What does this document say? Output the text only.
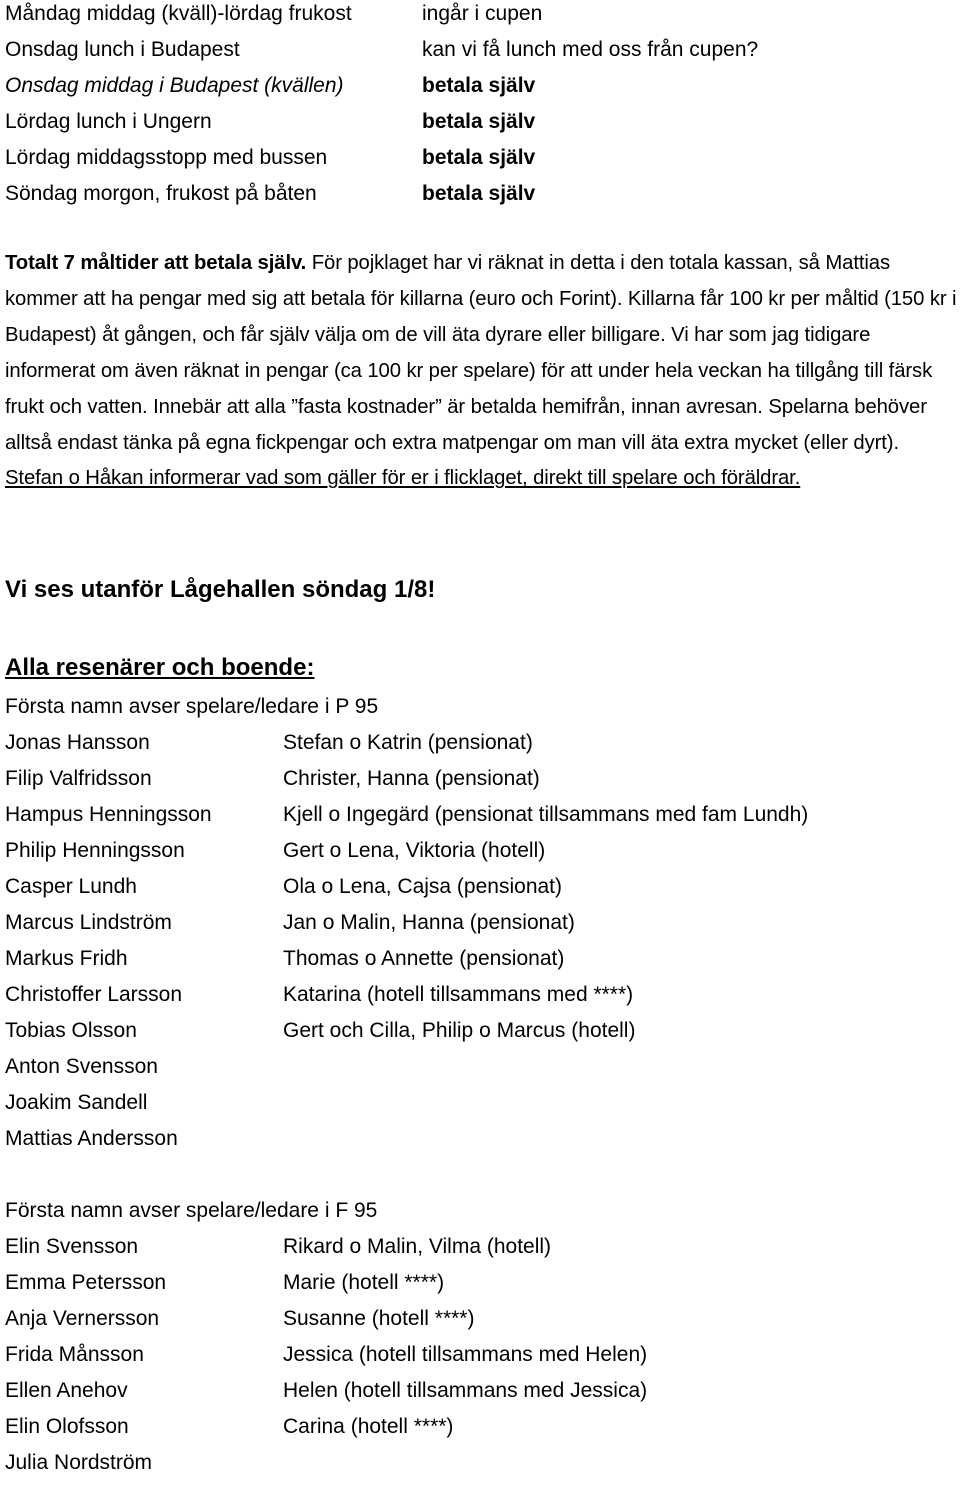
Måndag middag (kväll)-lördag frukost	ingår i cupen
Onsdag lunch i Budapest	kan vi få lunch med oss från cupen?
Onsdag middag i Budapest (kvällen)	betala själv
Lördag lunch i Ungern	betala själv
Lördag middagsstopp med bussen	betala själv
Söndag morgon, frukost på båten	betala själv
Totalt 7 måltider att betala själv. För pojklaget har vi räknat in detta i den totala kassan, så Mattias kommer att ha pengar med sig att betala för killarna (euro och Forint). Killarna får 100 kr per måltid (150 kr i Budapest) åt gången, och får själv välja om de vill äta dyrare eller billigare. Vi har som jag tidigare informerat om även räknat in pengar (ca 100 kr per spelare) för att under hela veckan ha tillgång till färsk frukt och vatten. Innebär att alla ”fasta kostnader” är betalda hemifrån, innan avresan. Spelarna behöver alltså endast tänka på egna fickpengar och extra matpengar om man vill äta extra mycket (eller dyrt). Stefan o Håkan informerar vad som gäller för er i flicklaget, direkt till spelare och föräldrar.
Vi ses utanför Lågehallen söndag 1/8!
Alla resenärer och boende:
Första namn avser spelare/ledare i P 95
Jonas Hansson	Stefan o Katrin (pensionat)
Filip Valfridsson	Christer, Hanna (pensionat)
Hampus Henningsson	Kjell o Ingegärd (pensionat tillsammans med fam Lundh)
Philip Henningsson	Gert o Lena, Viktoria (hotell)
Casper Lundh	Ola o Lena, Cajsa (pensionat)
Marcus Lindström	Jan o Malin, Hanna (pensionat)
Markus Fridh	Thomas o Annette (pensionat)
Christoffer Larsson	Katarina (hotell tillsammans med ****)
Tobias Olsson	Gert och Cilla, Philip o Marcus (hotell)
Anton Svensson
Joakim Sandell
Mattias Andersson
Första namn avser spelare/ledare i F 95
Elin Svensson	Rikard o Malin, Vilma (hotell)
Emma Petersson	Marie (hotell ****)
Anja Vernersson	Susanne (hotell ****)
Frida Månsson	Jessica (hotell tillsammans med Helen)
Ellen Anehov	Helen (hotell tillsammans med Jessica)
Elin Olofsson	Carina (hotell ****)
Julia Nordström
